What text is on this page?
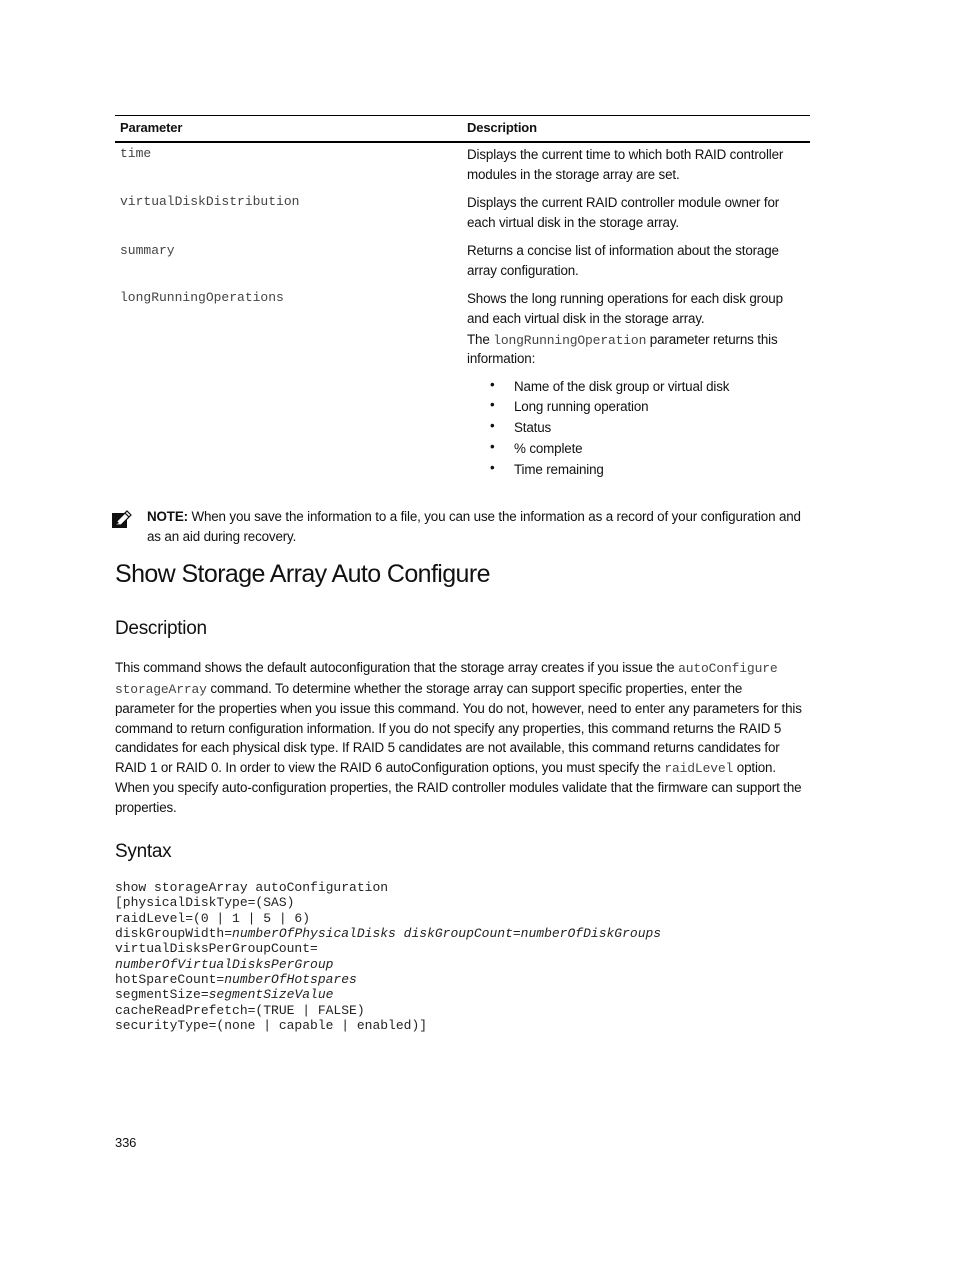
Parameter	Description
time	Displays the current time to which both RAID controller
modules in the storage array are set.
virtualDiskDistribution	Displays the current RAID controller module owner for
each virtual disk in the storage array.
summary	Returns a concise list of information about the storage
array configuration.
longRunningOperations	Shows the long running operations for each disk group
and each virtual disk in the storage array.
The longRunningOperation parameter returns this
information:
• Name of the disk group or virtual disk
• Long running operation
• Status
• % complete
• Time remaining
NOTE: When you save the information to a file, you can use the information as a record of your configuration and
as an aid during recovery.
Show Storage Array Auto Configure
Description
This command shows the default autoconfiguration that the storage array creates if you issue the autoConfigure
storageArray command. To determine whether the storage array can support specific properties, enter the
parameter for the properties when you issue this command. You do not, however, need to enter any parameters for this
command to return configuration information. If you do not specify any properties, this command returns the RAID 5
candidates for each physical disk type. If RAID 5 candidates are not available, this command returns candidates for
RAID 1 or RAID 0. In order to view the RAID 6 autoConfiguration options, you must specify the raidLevel option.
When you specify auto-configuration properties, the RAID controller modules validate that the firmware can support the
properties.
Syntax
show storageArray autoConfiguration
[physicalDiskType=(SAS)
raidLevel=(0 | 1 | 5 | 6)
diskGroupWidth=numberOfPhysicalDisks diskGroupCount=numberOfDiskGroups
virtualDisksPerGroupCount=
numberOfVirtualDisksPerGroup
hotSpareCount=numberOfHotspares
segmentSize=segmentSizeValue
cacheReadPrefetch=(TRUE | FALSE)
securityType=(none | capable | enabled)]
336
